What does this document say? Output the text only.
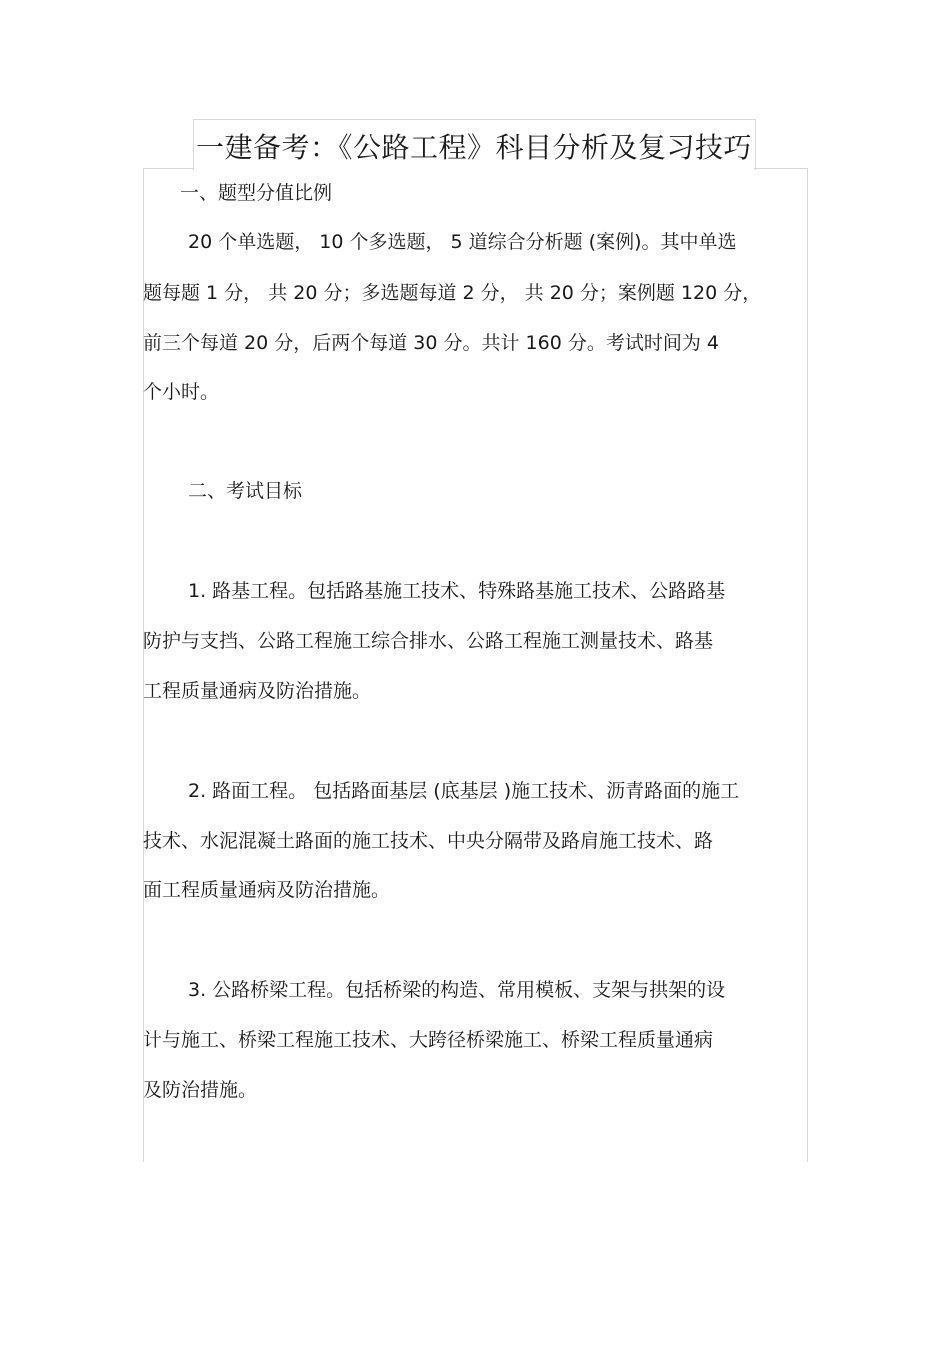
一建备考：《公路工程》科目分析及复习技巧
一、题型分值比例
20 个单选题， 10 个多选题， 5 道综合分析题 (案例)。其中单选
题每题 1 分， 共 20 分；多选题每道 2 分， 共 20 分；案例题 120 分，
前三个每道 20 分，后两个每道 30 分。共计 160 分。考试时间为 4
个小时。
二、考试目标
1. 路基工程。包括路基施工技术、特殊路基施工技术、公路路基
防护与支挡、公路工程施工综合排水、公路工程施工测量技术、路基
工程质量通病及防治措施。
2. 路面工程。 包括路面基层 (底基层 )施工技术、沥青路面的施工
技术、水泥混凝土路面的施工技术、中央分隔带及路肩施工技术、路
面工程质量通病及防治措施。
3. 公路桥梁工程。包括桥梁的构造、常用模板、支架与拱架的设
计与施工、桥梁工程施工技术、大跨径桥梁施工、桥梁工程质量通病
及防治措施。
